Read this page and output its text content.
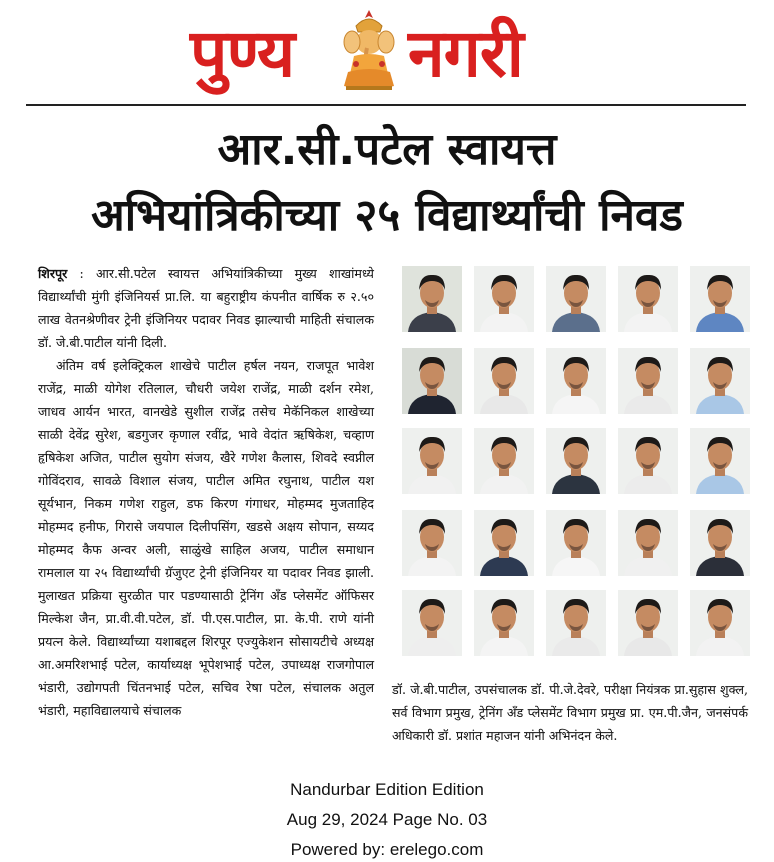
पुण्य नगरी
आर.सी.पटेल स्वायत्त
अभियांत्रिकीच्या २५ विद्यार्थ्यांची निवड

शिरपूर : आर.सी.पटेल स्वायत्त अभियांत्रिकीच्या मुख्य शाखांमध्ये विद्यार्थ्यांची मुंगी इंजिनियर्स प्रा.लि. या बहुराष्ट्रीय कंपनीत वार्षिक रु २.५० लाख वेतनश्रेणीवर ट्रेनी इंजिनियर पदावर निवड झाल्याची माहिती संचालक डॉ. जे.बी.पाटील यांनी दिली.

अंतिम वर्ष इलेक्ट्रिकल शाखेचे पाटील हर्षल नयन, राजपूत भावेश राजेंद्र, माळी योगेश रतिलाल, चौधरी जयेश राजेंद्र, माळी दर्शन रमेश, जाधव आर्यन भारत, वानखेडे सुशील राजेंद्र तसेच मेकॅनिकल शाखेच्या साळी देवेंद्र सुरेश, बडगुजर कृणाल रवींद्र, भावे वेदांत ऋषिकेश, चव्हाण हृषिकेश अजित, पाटील सुयोग संजय, खैरे गणेश कैलास, शिवदे स्वप्नील गोविंदराव, सावळे विशाल संजय, पाटील अमित रघुनाथ, पाटील यश सूर्यभान, निकम गणेश राहुल, डफ किरण गंगाधर, मोहम्मद मुजताहिद मोहम्मद हनीफ, गिरासे जयपाल दिलीपसिंग, खडसे अक्षय सोपान, सय्यद मोहम्मद कैफ अन्वर अली, साळुंखे साहिल अजय, पाटील समाधान रामलाल या २५ विद्यार्थ्यांची ग्रॅजुएट ट्रेनी इंजिनियर या पदावर निवड झाली. मुलाखत प्रक्रिया सुरळीत पार पडण्यासाठी ट्रेनिंग अँड प्लेसमेंट ऑफिसर मिल्केश जैन, प्रा.वी.वी.पटेल, डॉ. पी.एस.पाटील, प्रा. के.पी. राणे यांनी प्रयत्न केले. विद्यार्थ्यांच्या यशाबद्दल शिरपूर एज्युकेशन सोसायटीचे अध्यक्ष आ.अमरिशभाई पटेल, कार्याध्यक्ष भूपेशभाई पटेल, उपाध्यक्ष राजगोपाल भंडारी, उद्योगपती चिंतनभाई पटेल, सचिव रेषा पटेल, संचालक अतुल भंडारी, महाविद्यालयाचे संचालक

डॉ. जे.बी.पाटील, उपसंचालक डॉ. पी.जे.देवरे, परीक्षा नियंत्रक प्रा.सुहास शुक्ल, सर्व विभाग प्रमुख, ट्रेनिंग अँड प्लेसमेंट विभाग प्रमुख प्रा. एम.पी.जैन, जनसंपर्क अधिकारी डॉ. प्रशांत महाजन यांनी अभिनंदन केले.

Nandurbar Edition Edition
Aug 29, 2024 Page No. 03
Powered by: erelego.com
